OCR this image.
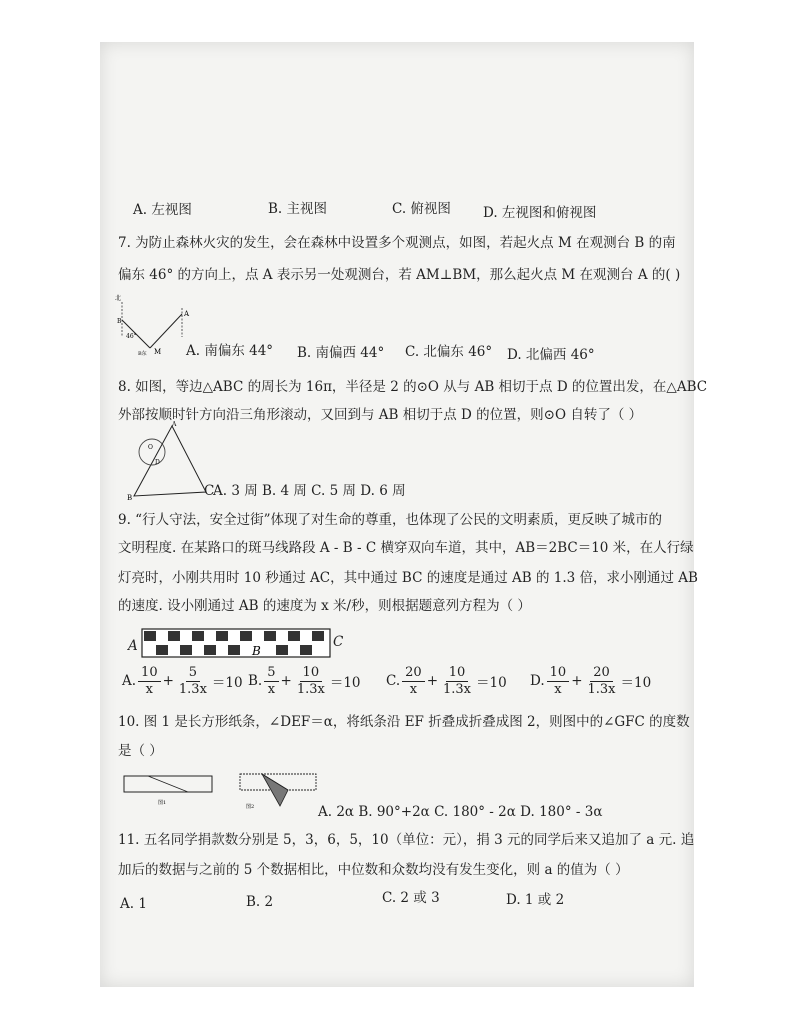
A. 左视图	B. 主视图	C. 俯视图 D. 左视图和俯视图
7. 为防止森林火灾的发生，会在森林中设置多个观测点，如图，若起火点 M 在观测台 B 的南
偏东 46° 的方向上，点 A 表示另一处观测台，若 AM⊥BM，那么起火点 M 在观测台 A 的( )
北
B
A
46°
B东 M A. 南偏东 44° B. 南偏西 44° C. 北偏东 46° D. 北偏西 46°
8. 如图，等边△ABC 的周长为 16π，半径是 2 的⊙O 从与 AB 相切于点 D 的位置出发，在△ABC
外部按顺时针方向沿三角形滚动，又回到与 AB 相切于点 D 的位置，则⊙O 自转了（ ）
A
B
O
D
C
A. 3 周 B. 4 周 C. 5 周 D. 6 周
9. “行人守法，安全过街”体现了对生命的尊重，也体现了公民的文明素质，更反映了城市的
文明程度. 在某路口的斑马线路段 A - B - C 横穿双向车道，其中，AB＝2BC＝10 米，在人行绿
灯亮时，小刚共用时 10 秒通过 AC，其中通过 BC 的速度是通过 AB 的 1.3 倍，求小刚通过 AB
的速度. 设小刚通过 AB 的速度为 x 米/秒，则根据题意列方程为（ ）
A	B
C
A. $\frac{10}{x} + \frac{5}{1.3x} =10$ B. $\frac{5}{x} + \frac{10}{1.3x} =10$ C. $\frac{20}{x} + \frac{10}{1.3x} =10$ D. $\frac{10}{x} + \frac{20}{1.3x} =10$
10. 图 1 是长方形纸条，∠DEF＝α，将纸条沿 EF 折叠成折叠成图 2，则图中的∠GFC 的度数
是（ ）
图1
图2	A. 2α B. 90°+2α C. 180° - 2α D. 180° - 3α
11. 五名同学捐款数分别是 5，3，6，5，10（单位：元），捐 3 元的同学后来又追加了 a 元. 追
加后的数据与之前的 5 个数据相比，中位数和众数均没有发生变化，则 a 的值为（ ）
A. 1	B. 2	C. 2 或 3	D. 1 或 2
